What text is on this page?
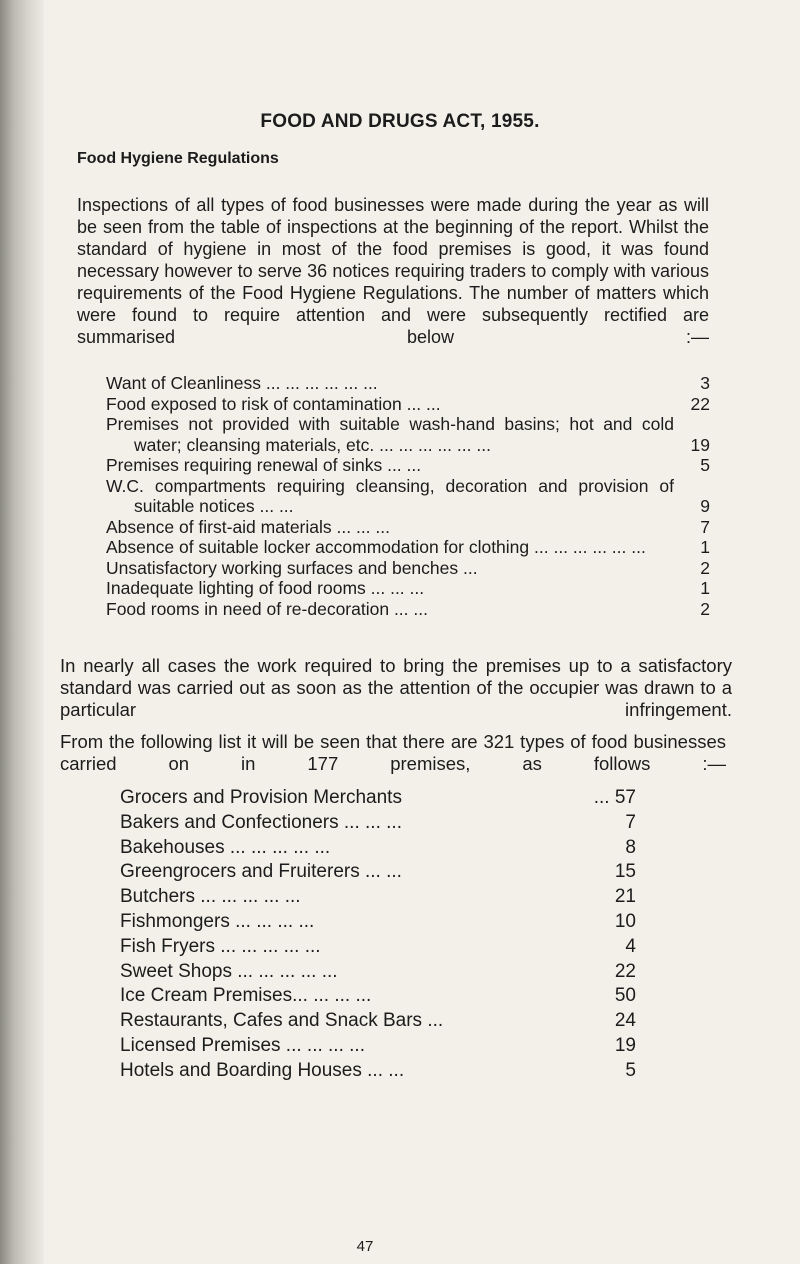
FOOD AND DRUGS ACT, 1955.
Food Hygiene Regulations

Inspections of all types of food businesses were made during the year as will be seen from the table of inspections at the beginning of the report. Whilst the standard of hygiene in most of the food premises is good, it was found necessary however to serve 36 notices requiring traders to comply with various requirements of the Food Hygiene Regulations. The number of matters which were found to require attention and were subsequently rectified are summarised below :—

Want of Cleanliness ... ... ... ... ... ...	3
Food exposed to risk of contamination ... ...	22
Premises not provided with suitable wash-hand basins; hot and cold water; cleansing materials, etc. ... ... ... ... ... ...	19
Premises requiring renewal of sinks ... ...	5
W.C. compartments requiring cleansing, decoration and provision of suitable notices ... ...	9
Absence of first-aid materials ... ... ...	7
Absence of suitable locker accommodation for clothing ... ... ... ... ... ...	1
Unsatisfactory working surfaces and benches ...	2
Inadequate lighting of food rooms ... ... ...	1
Food rooms in need of re-decoration ... ...	2

In nearly all cases the work required to bring the premises up to a satisfactory standard was carried out as soon as the attention of the occupier was drawn to a particular infringement.

From the following list it will be seen that there are 321 types of food businesses carried on in 177 premises, as follows :—

Grocers and Provision Merchants	... 57
Bakers and Confectioners ... ... ...	7
Bakehouses ... ... ... ... ...	8
Greengrocers and Fruiterers ... ...	15
Butchers ... ... ... ... ...	21
Fishmongers ... ... ... ...	10
Fish Fryers ... ... ... ... ...	4
Sweet Shops ... ... ... ... ...	22
Ice Cream Premises... ... ... ...	50
Restaurants, Cafes and Snack Bars ...	24
Licensed Premises ... ... ... ...	19
Hotels and Boarding Houses ... ...	5
47
